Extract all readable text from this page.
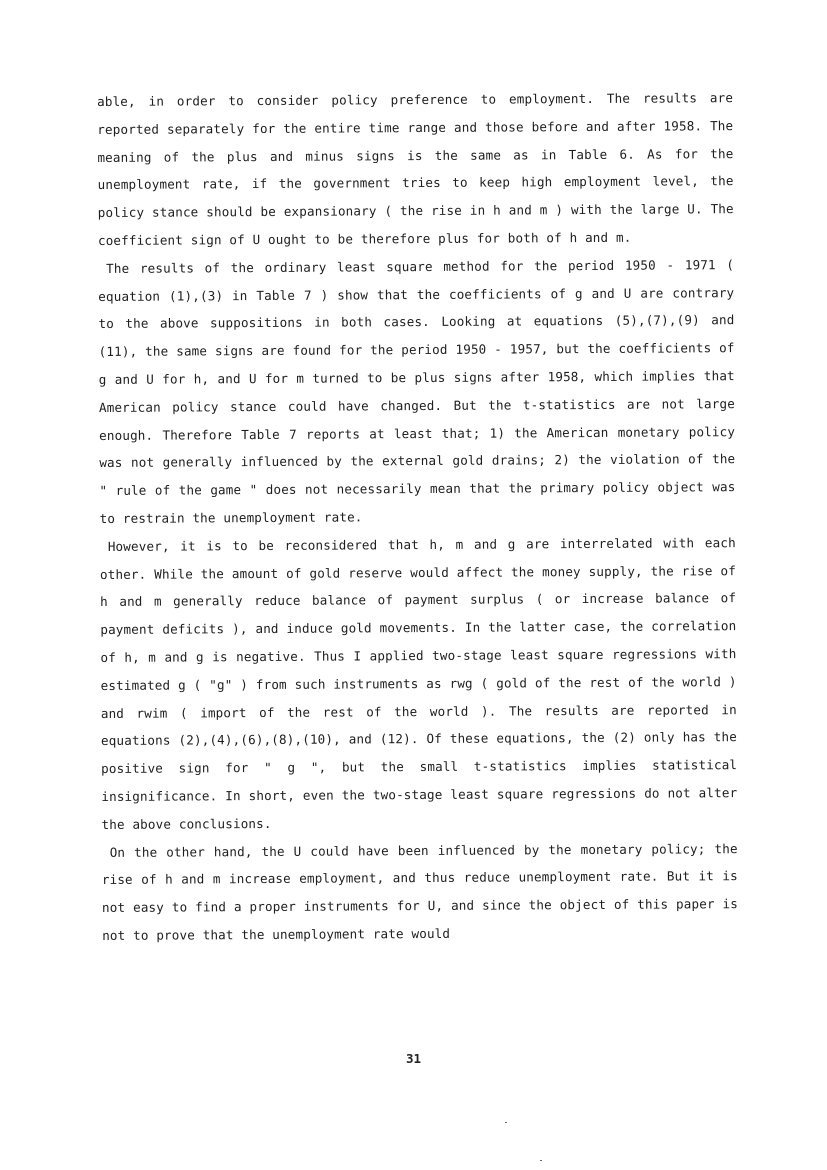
able, in order to consider policy preference to employment. The results are reported separately for the entire time range and those before and after 1958. The meaning of the plus and minus signs is the same as in Table 6. As for the unemployment rate, if the government tries to keep high employment level, the policy stance should be expansionary ( the rise in h and m ) with the large U. The coefficient sign of U ought to be therefore plus for both of h and m.

The results of the ordinary least square method for the period 1950 - 1971 ( equation (1),(3) in Table 7 ) show that the coefficients of g and U are contrary to the above suppositions in both cases. Looking at equations (5),(7),(9) and (11), the same signs are found for the period 1950 - 1957, but the coefficients of g and U for h, and U for m turned to be plus signs after 1958, which implies that American policy stance could have changed. But the t-statistics are not large enough. Therefore Table 7 reports at least that; 1) the American monetary policy was not generally influenced by the external gold drains; 2) the violation of the " rule of the game " does not necessarily mean that the primary policy object was to restrain the unemployment rate.

However, it is to be reconsidered that h, m and g are interrelated with each other. While the amount of gold reserve would affect the money supply, the rise of h and m generally reduce balance of payment surplus ( or increase balance of payment deficits ), and induce gold movements. In the latter case, the correlation of h, m and g is negative. Thus I applied two-stage least square regressions with estimated g ( "g" ) from such instruments as rwg ( gold of the rest of the world ) and rwim ( import of the rest of the world ). The results are reported in equations (2),(4),(6),(8),(10), and (12). Of these equations, the (2) only has the positive sign for " g ", but the small t-statistics implies statistical insignificance. In short, even the two-stage least square regressions do not alter the above conclusions.

On the other hand, the U could have been influenced by the monetary policy; the rise of h and m increase employment, and thus reduce unemployment rate. But it is not easy to find a proper instruments for U, and since the object of this paper is not to prove that the unemployment rate would

31
